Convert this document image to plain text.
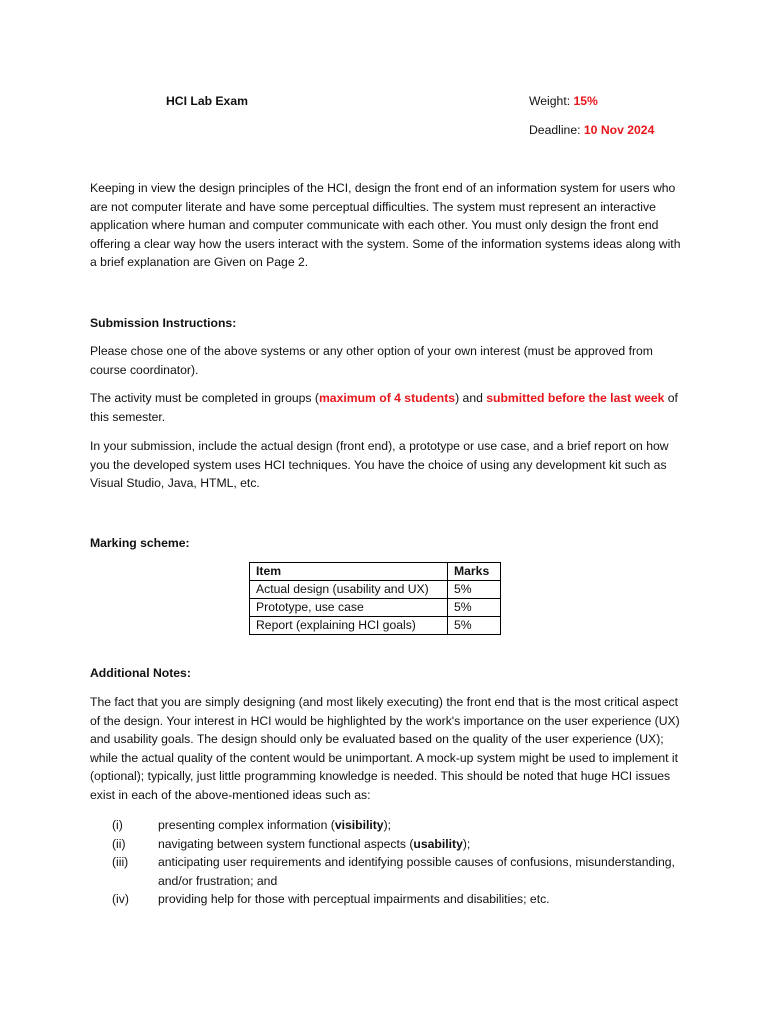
HCI Lab Exam	Weight: 15%
Deadline: 10 Nov 2024

Keeping in view the design principles of the HCI, design the front end of an information system for users who are not computer literate and have some perceptual difficulties. The system must represent an interactive application where human and computer communicate with each other. You must only design the front end offering a clear way how the users interact with the system. Some of the information systems ideas along with a brief explanation are Given on Page 2.

Submission Instructions:

Please chose one of the above systems or any other option of your own interest (must be approved from course coordinator).

The activity must be completed in groups (maximum of 4 students) and submitted before the last week of this semester.

In your submission, include the actual design (front end), a prototype or use case, and a brief report on how you the developed system uses HCI techniques. You have the choice of using any development kit such as Visual Studio, Java, HTML, etc.

Marking scheme:
Item	Marks
Actual design (usability and UX)	5%
Prototype, use case	5%
Report (explaining HCI goals)	5%
Additional Notes:

The fact that you are simply designing (and most likely executing) the front end that is the most critical aspect of the design. Your interest in HCI would be highlighted by the work's importance on the user experience (UX) and usability goals. The design should only be evaluated based on the quality of the user experience (UX); while the actual quality of the content would be unimportant. A mock-up system might be used to implement it (optional); typically, just little programming knowledge is needed. This should be noted that huge HCI issues exist in each of the above-mentioned ideas such as:

(i)	presenting complex information (visibility);
(ii)	navigating between system functional aspects (usability);
(iii)	anticipating user requirements and identifying possible causes of confusions, misunderstanding, and/or frustration; and
(iv)	providing help for those with perceptual impairments and disabilities; etc.
